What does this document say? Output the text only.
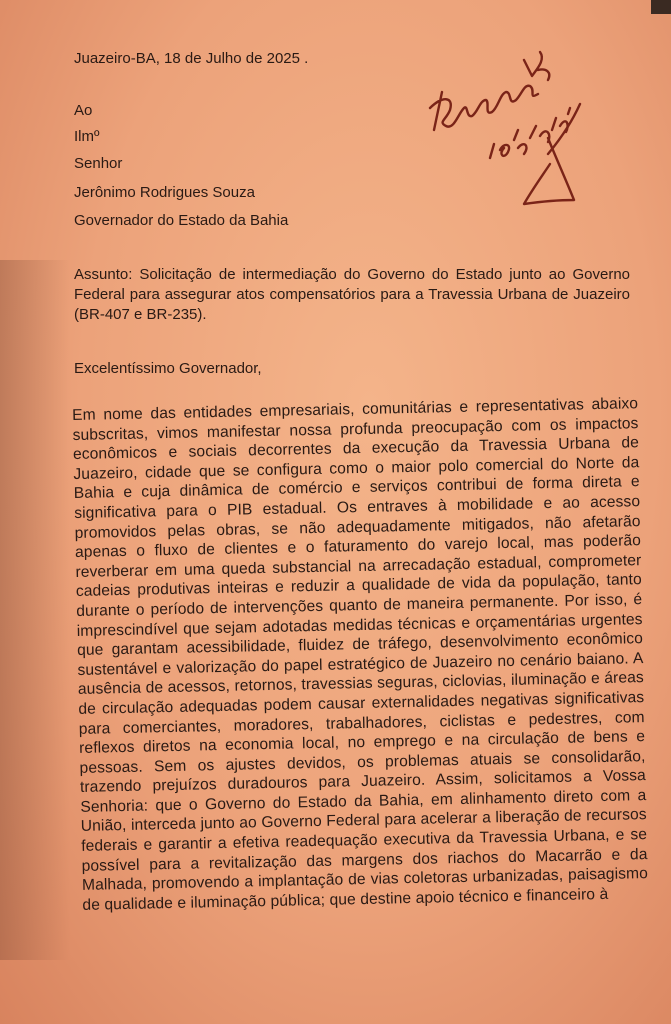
Juazeiro-BA, 18 de Julho de 2025 .
Ao
Ilmº
Senhor
Jerônimo Rodrigues Souza
Governador do Estado da Bahia
Assunto: Solicitação de intermediação do Governo do Estado junto ao Governo Federal para assegurar atos compensatórios para a Travessia Urbana de Juazeiro (BR-407 e BR-235).
Excelentíssimo Governador,
Em nome das entidades empresariais, comunitárias e representativas abaixo subscritas, vimos manifestar nossa profunda preocupação com os impactos econômicos e sociais decorrentes da execução da Travessia Urbana de Juazeiro, cidade que se configura como o maior polo comercial do Norte da Bahia e cuja dinâmica de comércio e serviços contribui de forma direta e significativa para o PIB estadual. Os entraves à mobilidade e ao acesso promovidos pelas obras, se não adequadamente mitigados, não afetarão apenas o fluxo de clientes e o faturamento do varejo local, mas poderão reverberar em uma queda substancial na arrecadação estadual, comprometer cadeias produtivas inteiras e reduzir a qualidade de vida da população, tanto durante o período de intervenções quanto de maneira permanente. Por isso, é imprescindível que sejam adotadas medidas técnicas e orçamentárias urgentes que garantam acessibilidade, fluidez de tráfego, desenvolvimento econômico sustentável e valorização do papel estratégico de Juazeiro no cenário baiano. A ausência de acessos, retornos, travessias seguras, ciclovias, iluminação e áreas de circulação adequadas podem causar externalidades negativas significativas para comerciantes, moradores, trabalhadores, ciclistas e pedestres, com reflexos diretos na economia local, no emprego e na circulação de bens e pessoas. Sem os ajustes devidos, os problemas atuais se consolidarão, trazendo prejuízos duradouros para Juazeiro. Assim, solicitamos a Vossa Senhoria: que o Governo do Estado da Bahia, em alinhamento direto com a União, interceda junto ao Governo Federal para acelerar a liberação de recursos federais e garantir a efetiva readequação executiva da Travessia Urbana, e se possível para a revitalização das margens dos riachos do Macarrão e da Malhada, promovendo a implantação de vias coletoras urbanizadas, paisagismo de qualidade e iluminação pública; que destine apoio técnico e financeiro à
